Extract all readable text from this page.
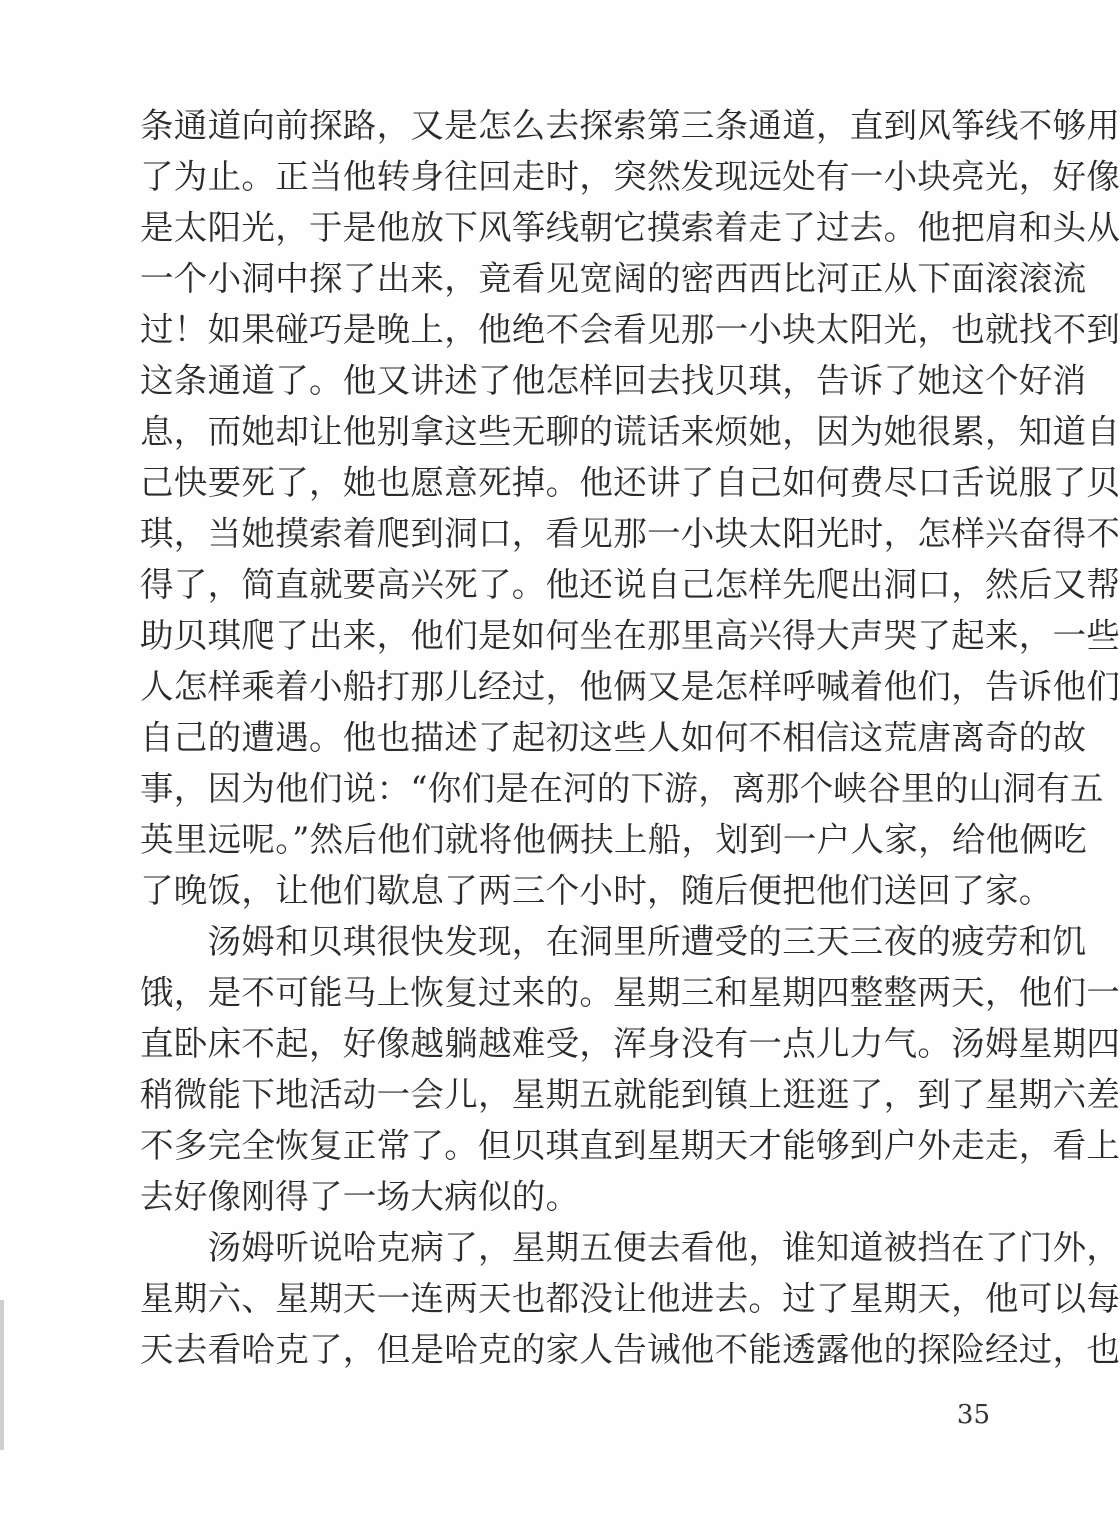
条通道向前探路，又是怎么去探索第三条通道，直到风筝线不够用
了为止。正当他转身往回走时，突然发现远处有一小块亮光，好像
是太阳光，于是他放下风筝线朝它摸索着走了过去。他把肩和头从
一个小洞中探了出来，竟看见宽阔的密西西比河正从下面滚滚流
过！如果碰巧是晚上，他绝不会看见那一小块太阳光，也就找不到
这条通道了。他又讲述了他怎样回去找贝琪，告诉了她这个好消
息，而她却让他别拿这些无聊的谎话来烦她，因为她很累，知道自
己快要死了，她也愿意死掉。他还讲了自己如何费尽口舌说服了贝
琪，当她摸索着爬到洞口，看见那一小块太阳光时，怎样兴奋得不
得了，简直就要高兴死了。他还说自己怎样先爬出洞口，然后又帮
助贝琪爬了出来，他们是如何坐在那里高兴得大声哭了起来，一些
人怎样乘着小船打那儿经过，他俩又是怎样呼喊着他们，告诉他们
自己的遭遇。他也描述了起初这些人如何不相信这荒唐离奇的故
事，因为他们说：“你们是在河的下游，离那个峡谷里的山洞有五
英里远呢。”然后他们就将他俩扶上船，划到一户人家，给他俩吃
了晚饭，让他们歇息了两三个小时，随后便把他们送回了家。
　　汤姆和贝琪很快发现，在洞里所遭受的三天三夜的疲劳和饥
饿，是不可能马上恢复过来的。星期三和星期四整整两天，他们一
直卧床不起，好像越躺越难受，浑身没有一点儿力气。汤姆星期四
稍微能下地活动一会儿，星期五就能到镇上逛逛了，到了星期六差
不多完全恢复正常了。但贝琪直到星期天才能够到户外走走，看上
去好像刚得了一场大病似的。
　　汤姆听说哈克病了，星期五便去看他，谁知道被挡在了门外，
星期六、星期天一连两天也都没让他进去。过了星期天，他可以每
天去看哈克了，但是哈克的家人告诫他不能透露他的探险经过，也
35
